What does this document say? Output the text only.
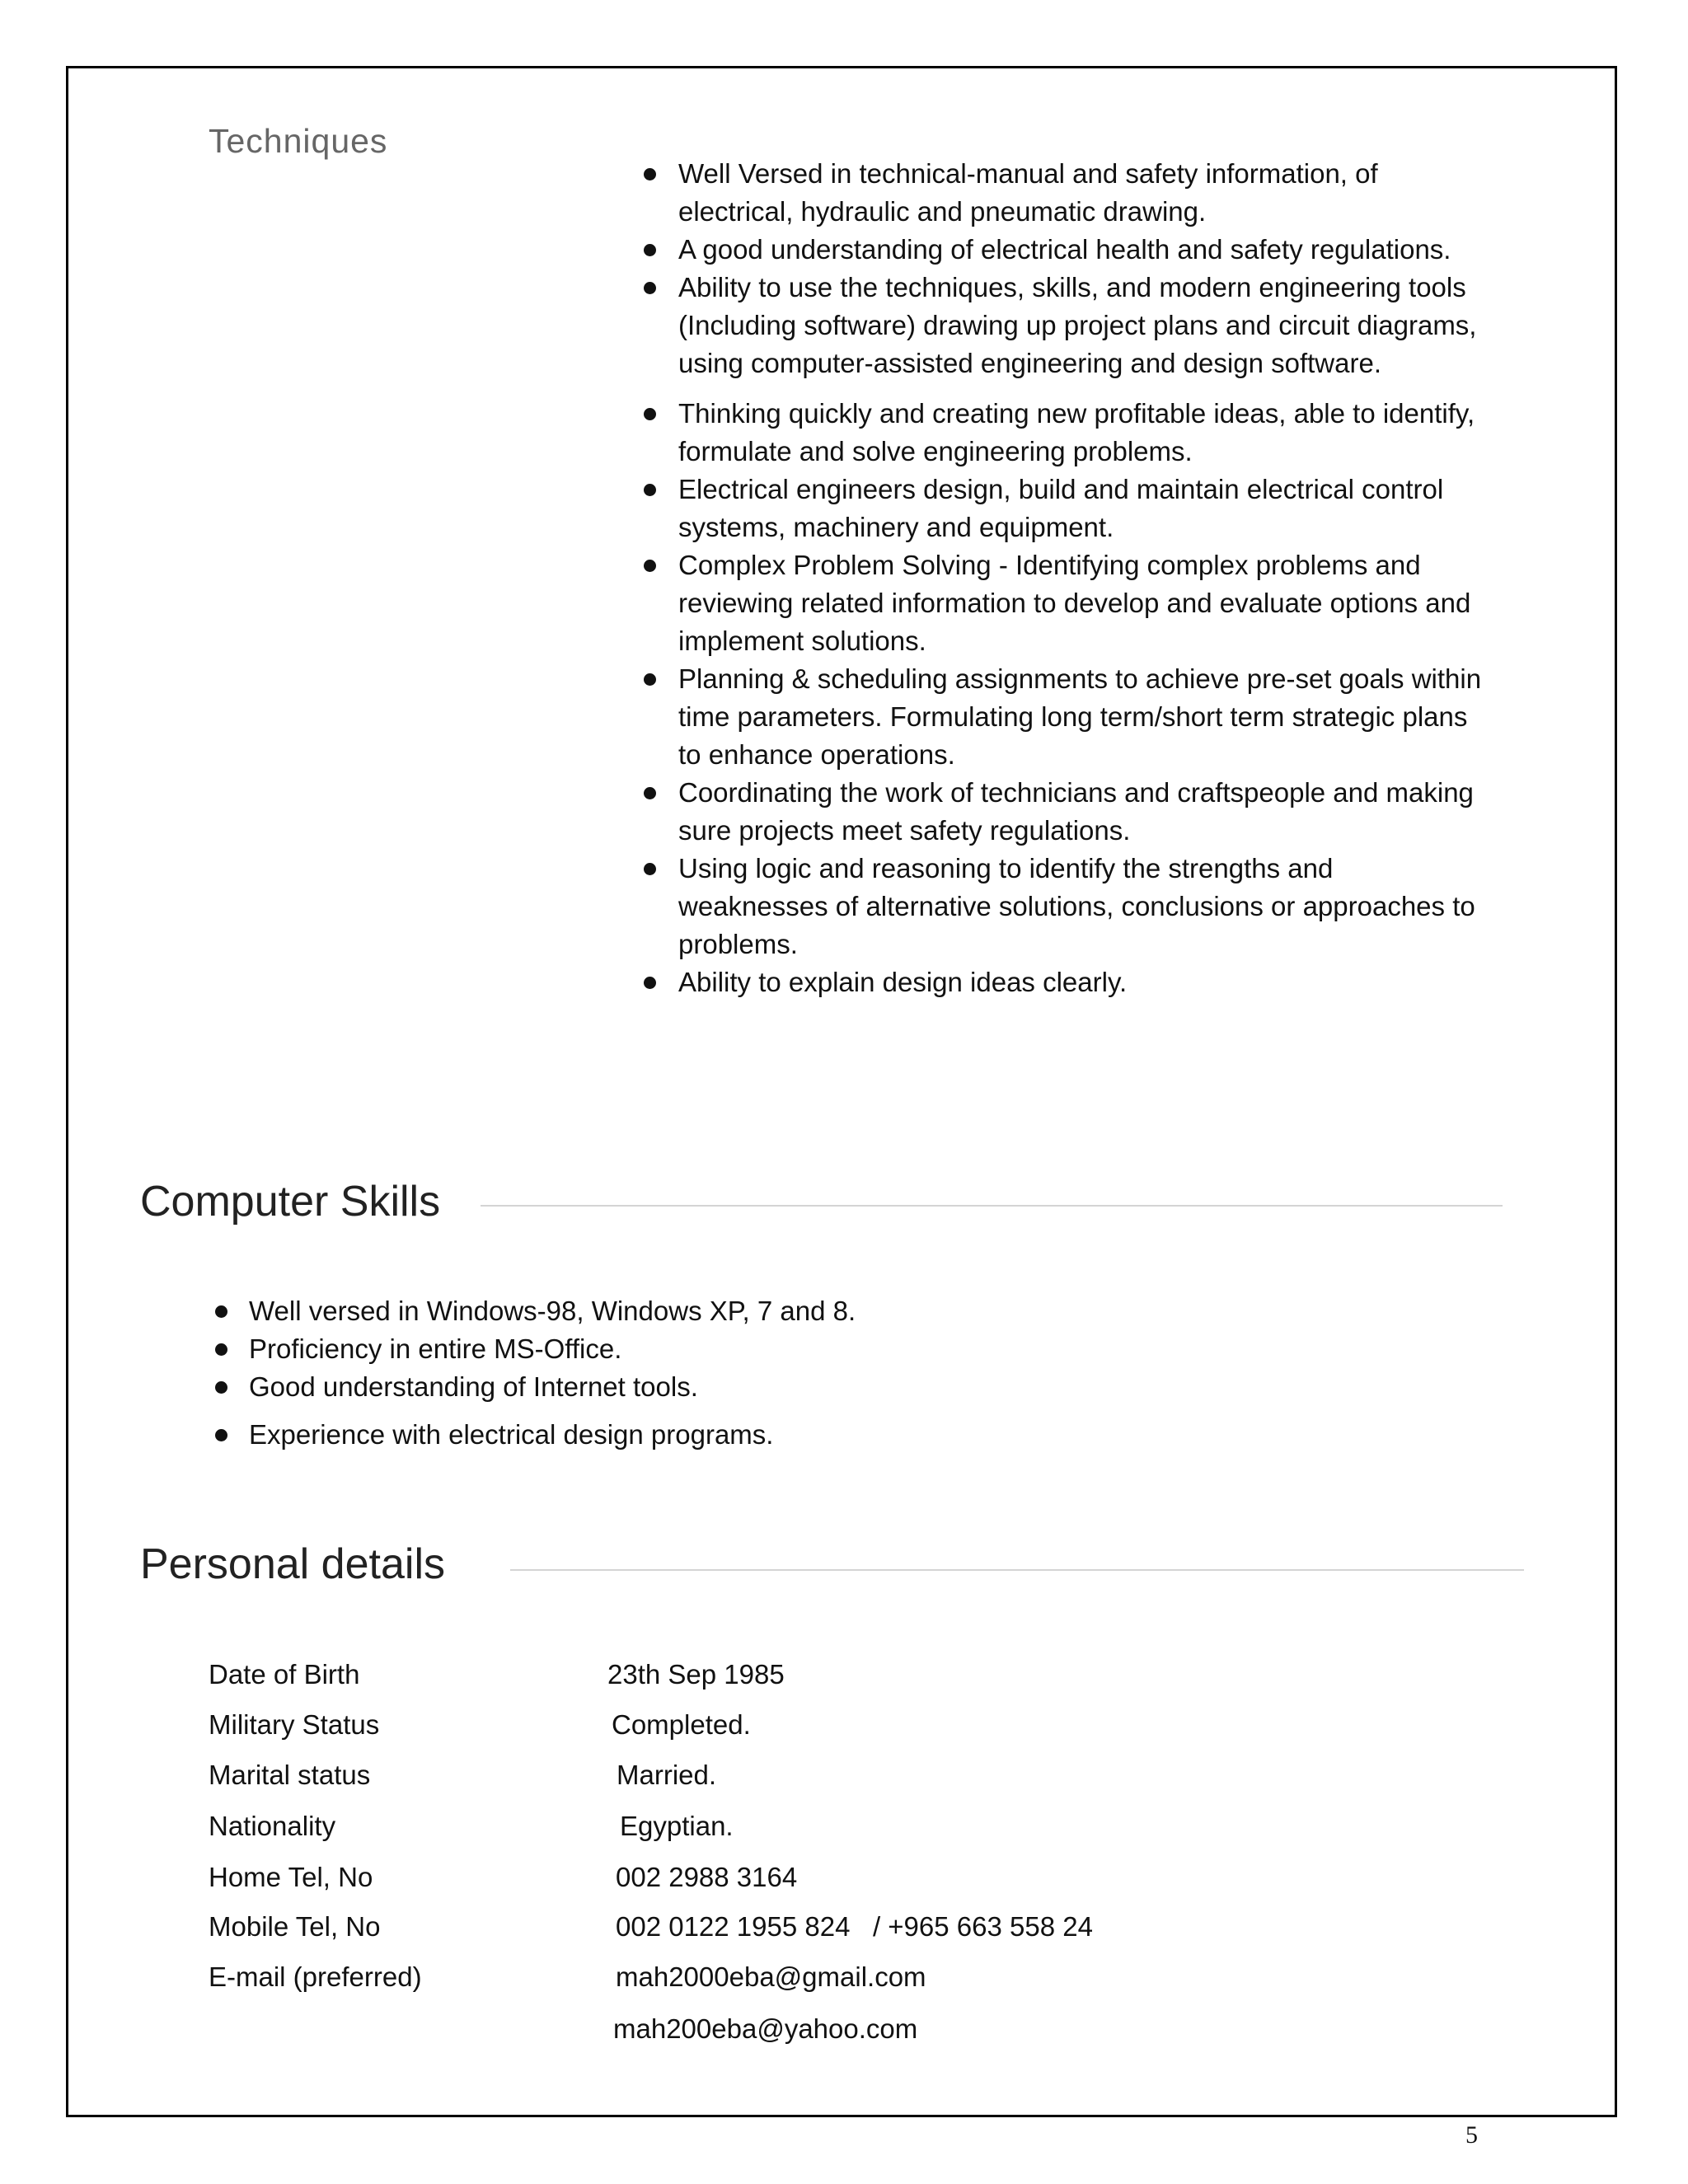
Techniques
Well Versed in technical-manual and safety information, of electrical, hydraulic and pneumatic drawing.
A good understanding of electrical health and safety regulations.
Ability to use the techniques, skills, and modern engineering tools (Including software) drawing up project plans and circuit diagrams, using computer-assisted engineering and design software.
Thinking quickly and creating new profitable ideas, able to identify, formulate and solve engineering problems.
Electrical engineers design, build and maintain electrical control systems, machinery and equipment.
Complex Problem Solving - Identifying complex problems and reviewing related information to develop and evaluate options and implement solutions.
Planning & scheduling assignments to achieve pre-set goals within time parameters. Formulating long term/short term strategic plans to enhance operations.
Coordinating the work of technicians and craftspeople and making sure projects meet safety regulations.
Using logic and reasoning to identify the strengths and weaknesses of alternative solutions, conclusions or approaches to problems.
Ability to explain design ideas clearly.
Computer Skills
Well versed in Windows-98, Windows XP, 7 and 8.
Proficiency in entire MS-Office.
Good understanding of Internet tools.
Experience with electrical design programs.
Personal details
Date of Birth	23th Sep 1985
Military Status	Completed.
Marital status	Married.
Nationality	Egyptian.
Home Tel, No	002 2988 3164
Mobile Tel, No	002 0122 1955 824   / +965 663 558 24
E-mail (preferred)	mah2000eba@gmail.com
mah200eba@yahoo.com
5
